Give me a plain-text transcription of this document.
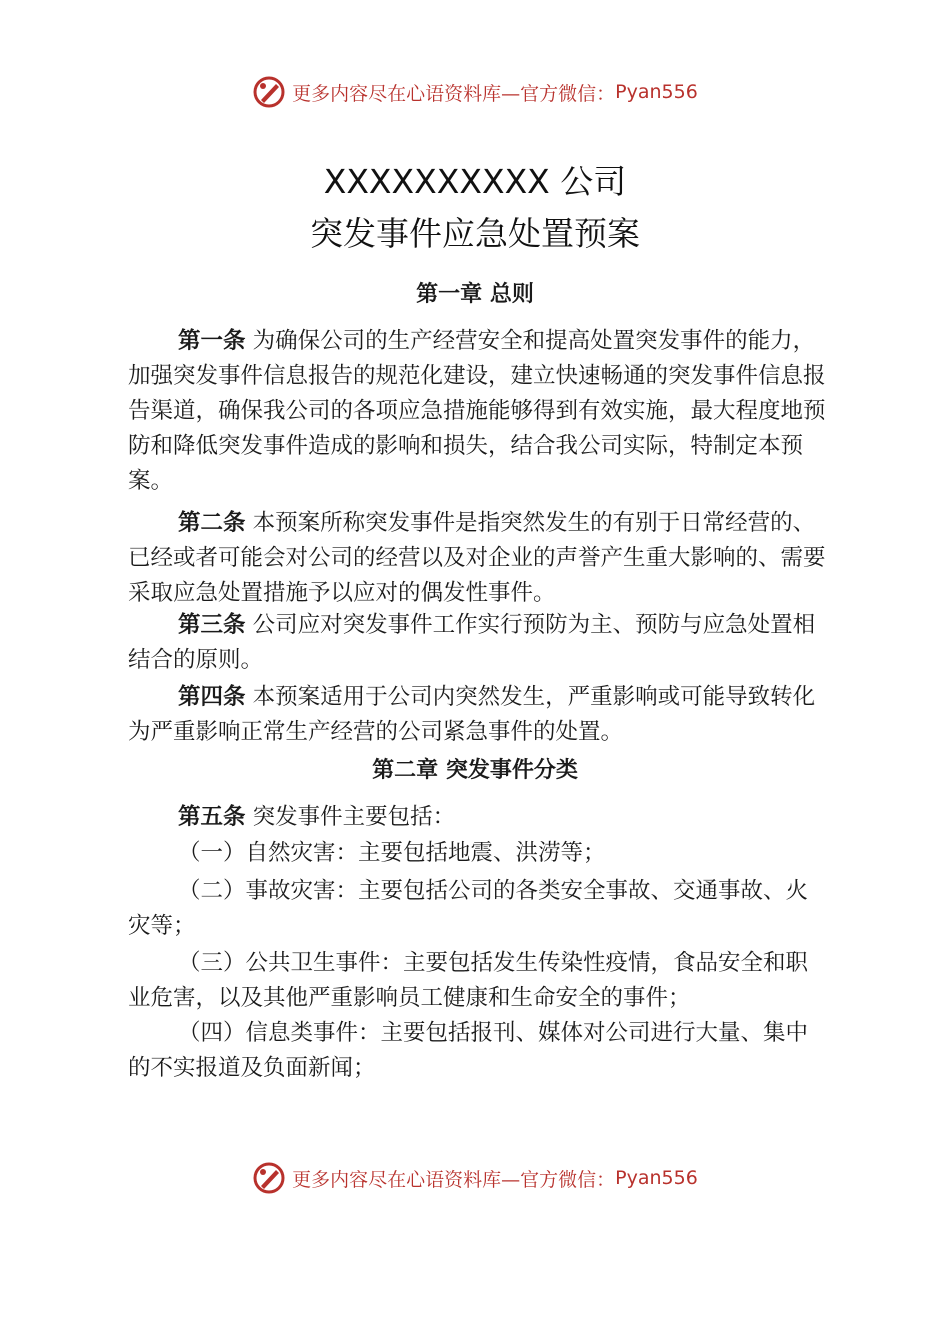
更多内容尽在心语资料库—官方微信： Pyan556
XXXXXXXXXX 公司
突发事件应急处置预案
第一章 总则

第一条 为确保公司的生产经营安全和提高处置突发事件的能力，加强突发事件信息报告的规范化建设，建立快速畅通的突发事件信息报告渠道，确保我公司的各项应急措施能够得到有效实施，最大程度地预防和降低突发事件造成的影响和损失，结合我公司实际，特制定本预案。

第二条 本预案所称突发事件是指突然发生的有别于日常经营的、已经或者可能会对公司的经营以及对企业的声誉产生重大影响的、需要采取应急处置措施予以应对的偶发性事件。

第三条 公司应对突发事件工作实行预防为主、预防与应急处置相结合的原则。

第四条 本预案适用于公司内突然发生，严重影响或可能导致转化为严重影响正常生产经营的公司紧急事件的处置。

第二章 突发事件分类

第五条 突发事件主要包括：

（一）自然灾害：主要包括地震、洪涝等；

（二）事故灾害：主要包括公司的各类安全事故、交通事故、火灾等；

（三）公共卫生事件：主要包括发生传染性疫情，食品安全和职业危害，以及其他严重影响员工健康和生命安全的事件；

（四）信息类事件：主要包括报刊、媒体对公司进行大量、集中的不实报道及负面新闻；

更多内容尽在心语资料库—官方微信： Pyan556
